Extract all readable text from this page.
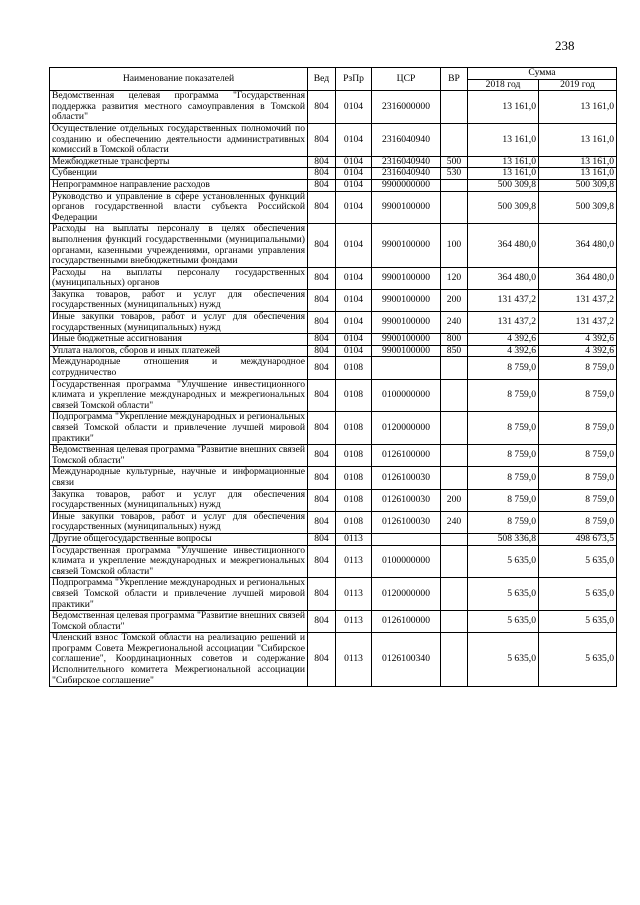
238
Наименование показателей	Вед	РзПр	ЦСР	ВР	Сумма	
					2018 год	2019 год
Ведомственная целевая программа "Государственная поддержка развития местного самоуправления в Томской области"	804	0104	2316000000		13 161,0	13 161,0
Осуществление отдельных государственных полномочий по созданию и обеспечению деятельности административных комиссий в Томской области	804	0104	2316040940		13 161,0	13 161,0
Межбюджетные трансферты	804	0104	2316040940	500	13 161,0	13 161,0
Субвенции	804	0104	2316040940	530	13 161,0	13 161,0
Непрограммное направление расходов	804	0104	9900000000		500 309,8	500 309,8
Руководство и управление в сфере установленных функций органов государственной власти субъекта Российской Федерации	804	0104	9900100000		500 309,8	500 309,8
Расходы на выплаты персоналу в целях обеспечения выполнения функций государственными (муниципальными) органами, казенными учреждениями, органами управления государственными внебюджетными фондами	804	0104	9900100000	100	364 480,0	364 480,0
Расходы на выплаты персоналу государственных (муниципальных) органов	804	0104	9900100000	120	364 480,0	364 480,0
Закупка товаров, работ и услуг для обеспечения государственных (муниципальных) нужд	804	0104	9900100000	200	131 437,2	131 437,2
Иные закупки товаров, работ и услуг для обеспечения государственных (муниципальных) нужд	804	0104	9900100000	240	131 437,2	131 437,2
Иные бюджетные ассигнования	804	0104	9900100000	800	4 392,6	4 392,6
Уплата налогов, сборов и иных платежей	804	0104	9900100000	850	4 392,6	4 392,6
Международные отношения и международное сотрудничество	804	0108			8 759,0	8 759,0
Государственная программа "Улучшение инвестиционного климата и укрепление международных и межрегиональных связей Томской области"	804	0108	0100000000		8 759,0	8 759,0
Подпрограмма "Укрепление международных и региональных связей Томской области и привлечение лучшей мировой практики"	804	0108	0120000000		8 759,0	8 759,0
Ведомственная целевая программа "Развитие внешних связей Томской области"	804	0108	0126100000		8 759,0	8 759,0
Международные культурные, научные и информационные связи	804	0108	0126100030		8 759,0	8 759,0
Закупка товаров, работ и услуг для обеспечения государственных (муниципальных) нужд	804	0108	0126100030	200	8 759,0	8 759,0
Иные закупки товаров, работ и услуг для обеспечения государственных (муниципальных) нужд	804	0108	0126100030	240	8 759,0	8 759,0
Другие общегосударственные вопросы	804	0113			508 336,8	498 673,5
Государственная программа "Улучшение инвестиционного климата и укрепление международных и межрегиональных связей Томской области"	804	0113	0100000000		5 635,0	5 635,0
Подпрограмма "Укрепление международных и региональных связей Томской области и привлечение лучшей мировой практики"	804	0113	0120000000		5 635,0	5 635,0
Ведомственная целевая программа "Развитие внешних связей Томской области"	804	0113	0126100000		5 635,0	5 635,0
Членский взнос Томской области на реализацию решений и программ Совета Межрегиональной ассоциации "Сибирское соглашение", Координационных советов и содержание Исполнительного комитета Межрегиональной ассоциации "Сибирское соглашение"	804	0113	0126100340		5 635,0	5 635,0
